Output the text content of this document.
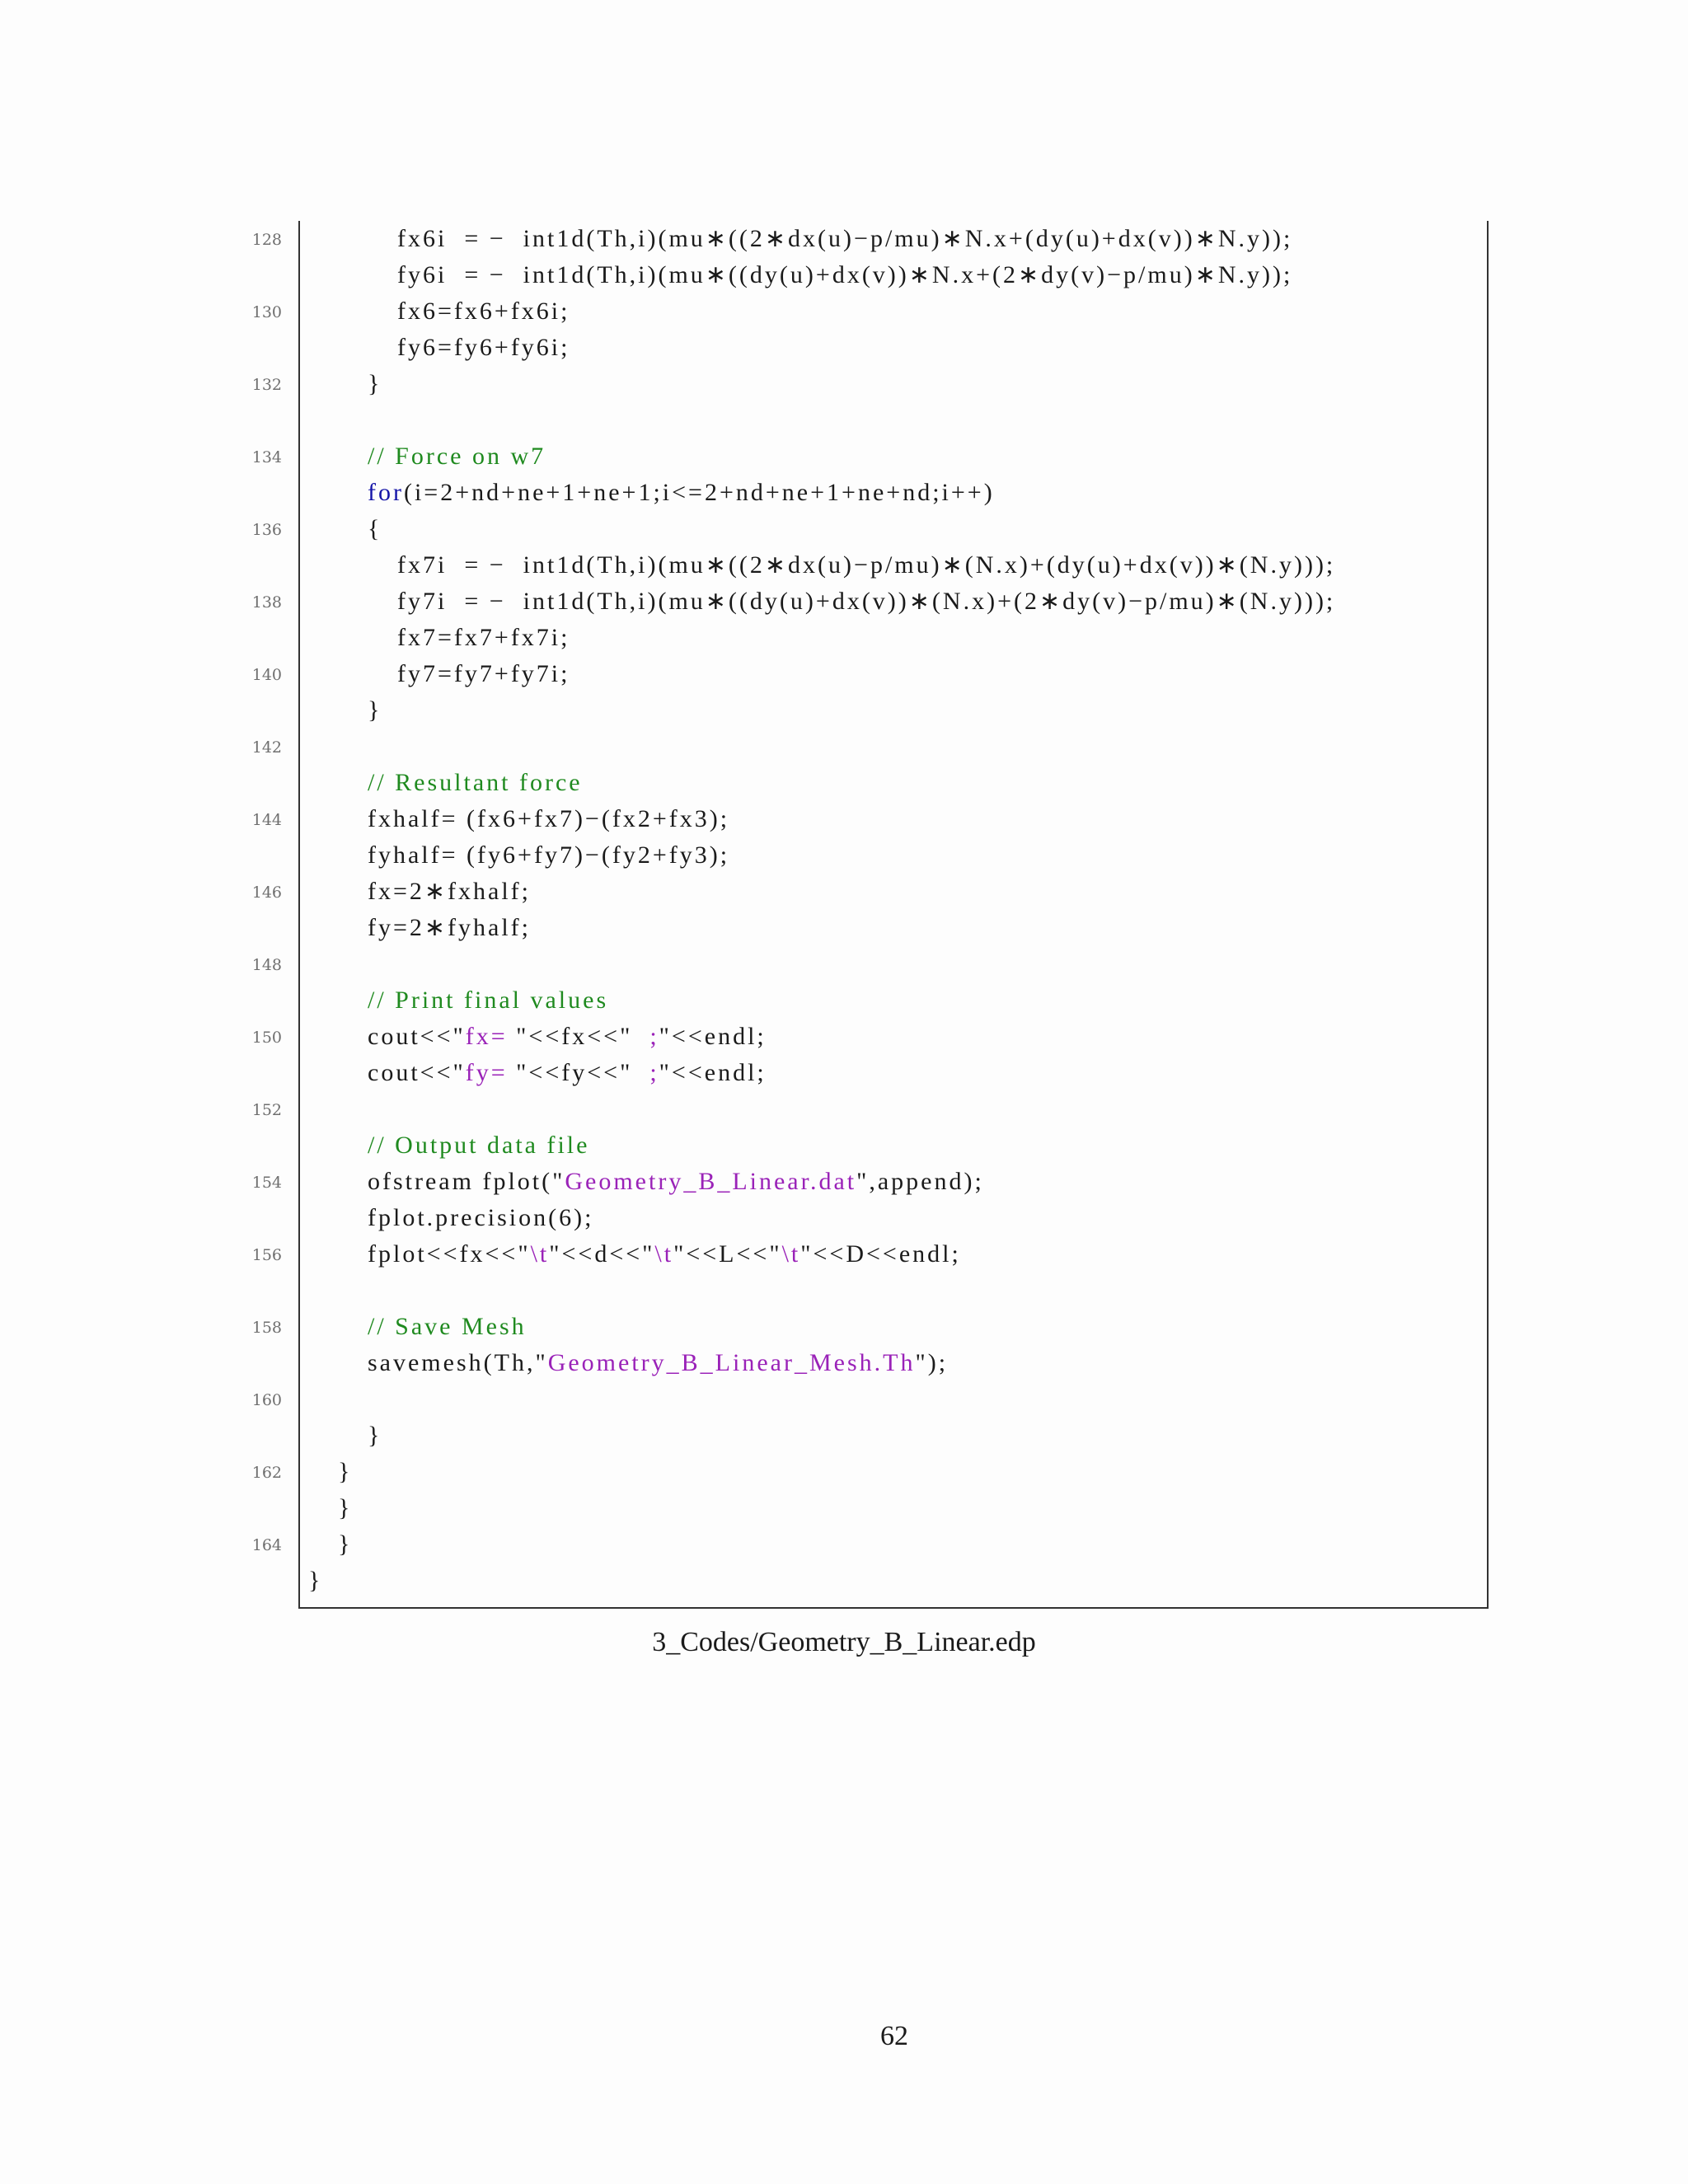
128	fx6i  = −  int1d(Th,i)(mu∗((2∗dx(u)−p/mu)∗N.x+(dy(u)+dx(v))∗N.y));
fy6i  = −  int1d(Th,i)(mu∗((dy(u)+dx(v))∗N.x+(2∗dy(v)−p/mu)∗N.y));
130	fx6=fx6+fx6i;
fy6=fy6+fy6i;
132	}
134	// Force on w7
for(i=2+nd+ne+1+ne+1;i<=2+nd+ne+1+ne+nd;i++)
136	{
fx7i  = −  int1d(Th,i)(mu∗((2∗dx(u)−p/mu)∗(N.x)+(dy(u)+dx(v))∗(N.y)));
138	fy7i  = −  int1d(Th,i)(mu∗((dy(u)+dx(v))∗(N.x)+(2∗dy(v)−p/mu)∗(N.y)));
fx7=fx7+fx7i;
140	fy7=fy7+fy7i;
}
142
// Resultant force
144	fxhalf= (fx6+fx7)−(fx2+fx3);
fyhalf= (fy6+fy7)−(fy2+fy3);
146	fx=2∗fxhalf;
fy=2∗fyhalf;
148
// Print final values
150	cout<<"fx= "<<fx<<"  ;"<<endl;
cout<<"fy= "<<fy<<"  ;"<<endl;
152
// Output data file
154	ofstream fplot("Geometry_B_Linear.dat",append);
fplot.precision(6);
156	fplot<<fx<<"\t"<<d<<"\t"<<L<<"\t"<<D<<endl;
158	// Save Mesh
savemesh(Th,"Geometry_B_Linear_Mesh.Th");
160
}
162 }
}
164 }
}
3_Codes/Geometry_B_Linear.edp
62
